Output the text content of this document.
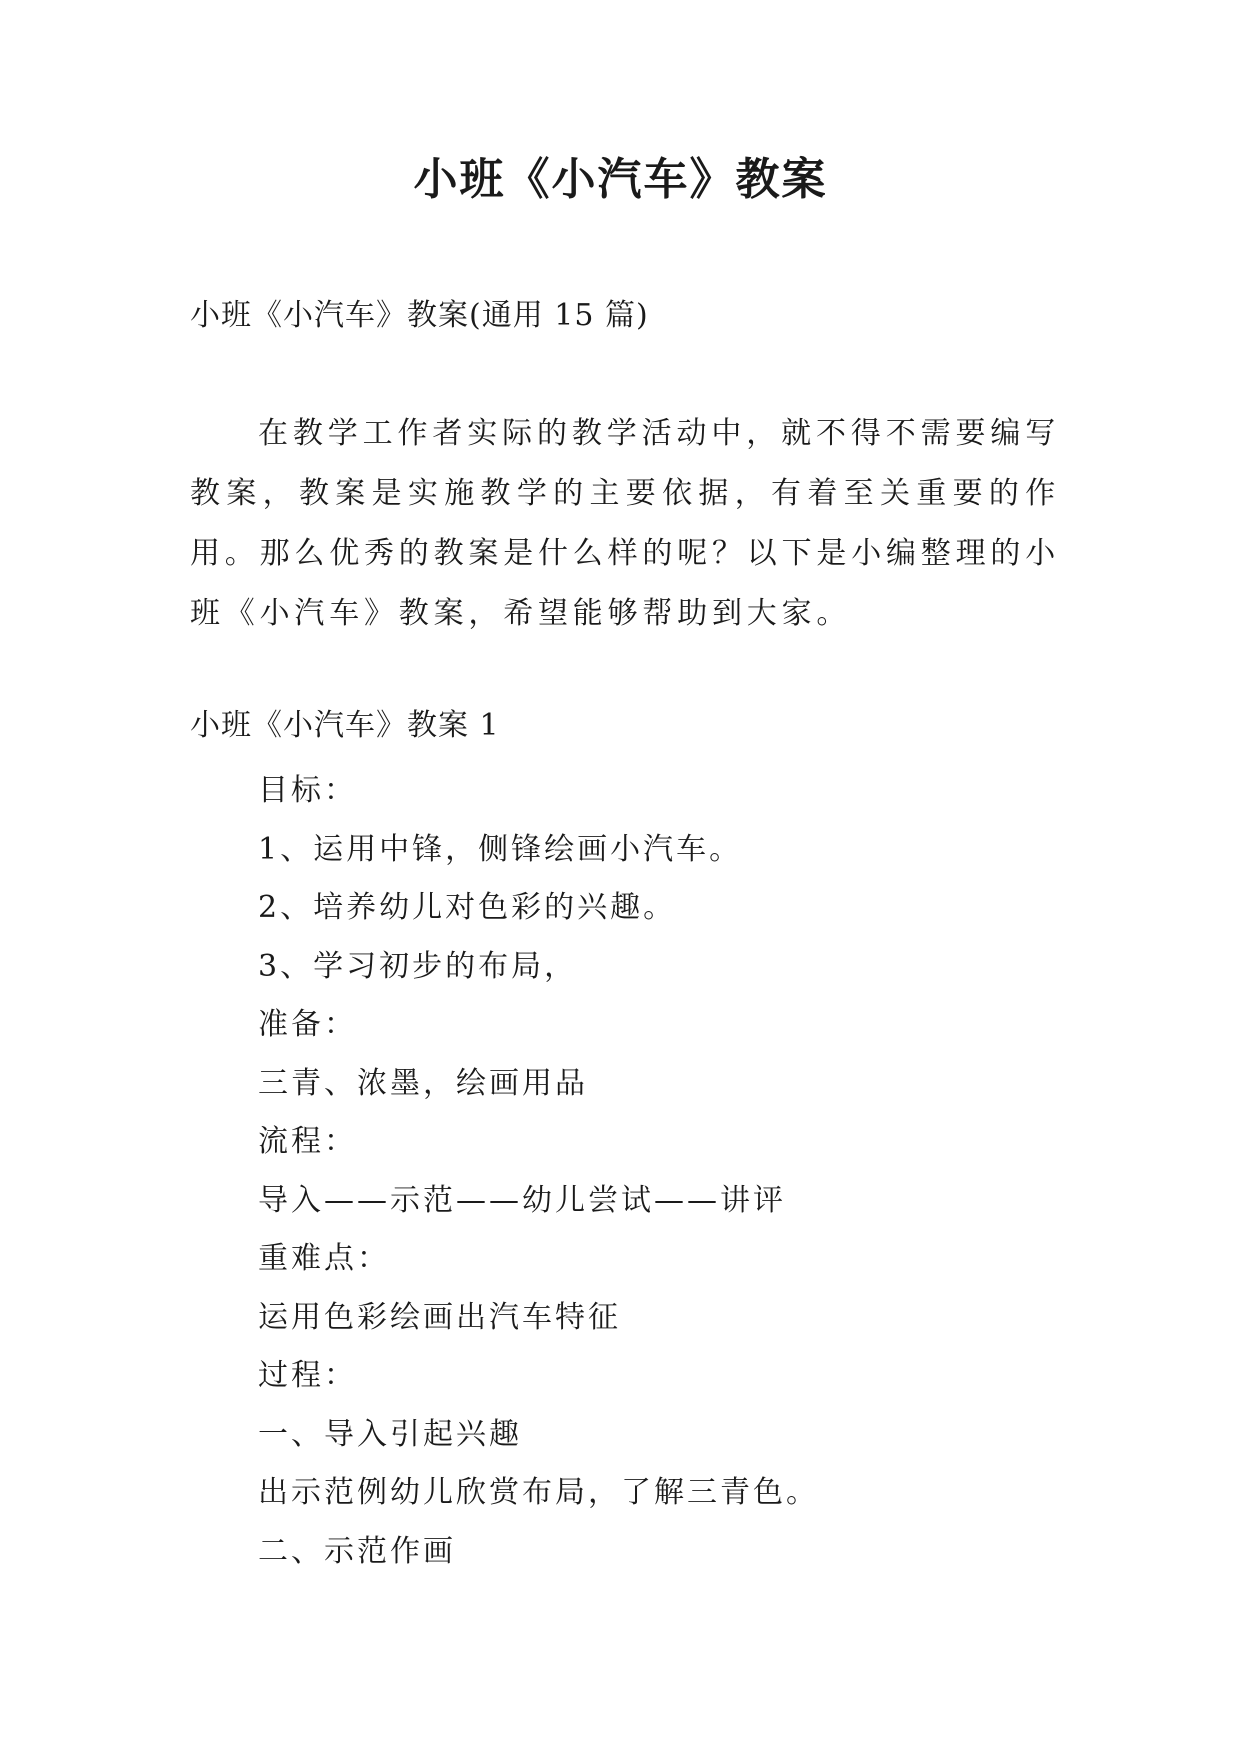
小班《小汽车》教案
小班《小汽车》教案(通用 15 篇)
在教学工作者实际的教学活动中，就不得不需要编写教案，教案是实施教学的主要依据，有着至关重要的作用。那么优秀的教案是什么样的呢？以下是小编整理的小班《小汽车》教案，希望能够帮助到大家。
小班《小汽车》教案 1
目标：
1、运用中锋，侧锋绘画小汽车。
2、培养幼儿对色彩的兴趣。
3、学习初步的布局，
准备：
三青、浓墨，绘画用品
流程：
导入——示范——幼儿尝试——讲评
重难点：
运用色彩绘画出汽车特征
过程：
一、导入引起兴趣
出示范例幼儿欣赏布局，了解三青色。
二、示范作画
